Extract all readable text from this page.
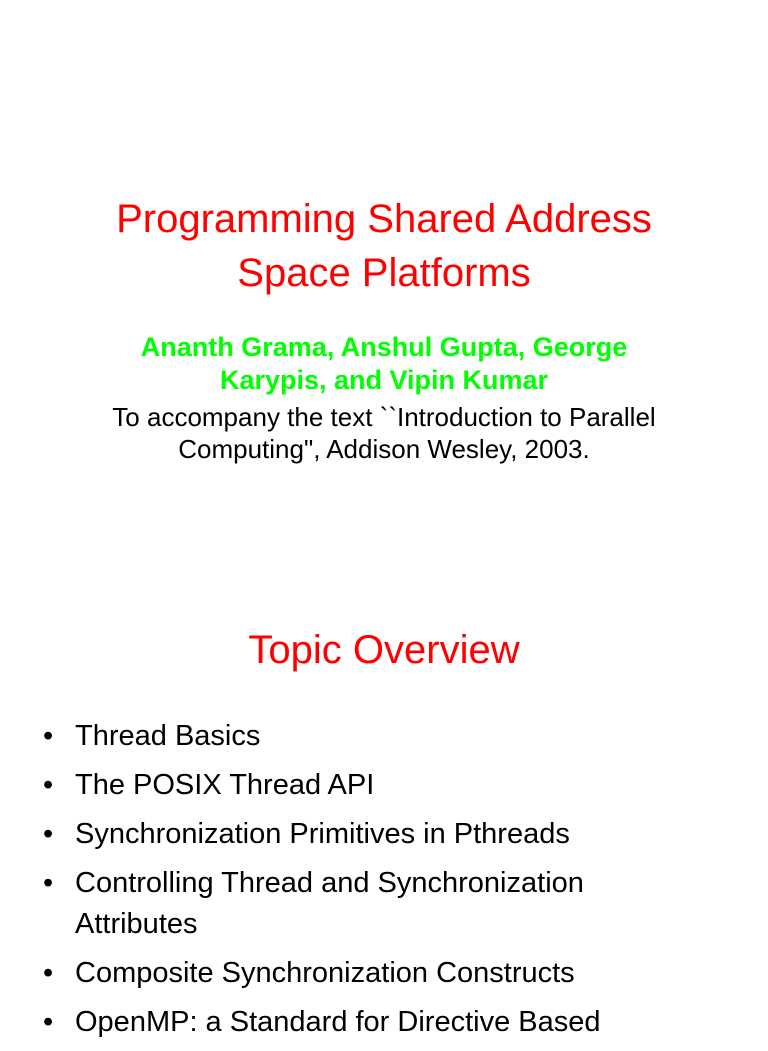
Programming Shared Address
Space Platforms
Ananth Grama, Anshul Gupta, George
Karypis, and Vipin Kumar
To accompany the text ``Introduction to Parallel
Computing", Addison Wesley, 2003.
Topic Overview
• Thread Basics
• The POSIX Thread API
• Synchronization Primitives in Pthreads
• Controlling Thread and Synchronization
Attributes
• Composite Synchronization Constructs
• OpenMP: a Standard for Directive Based
